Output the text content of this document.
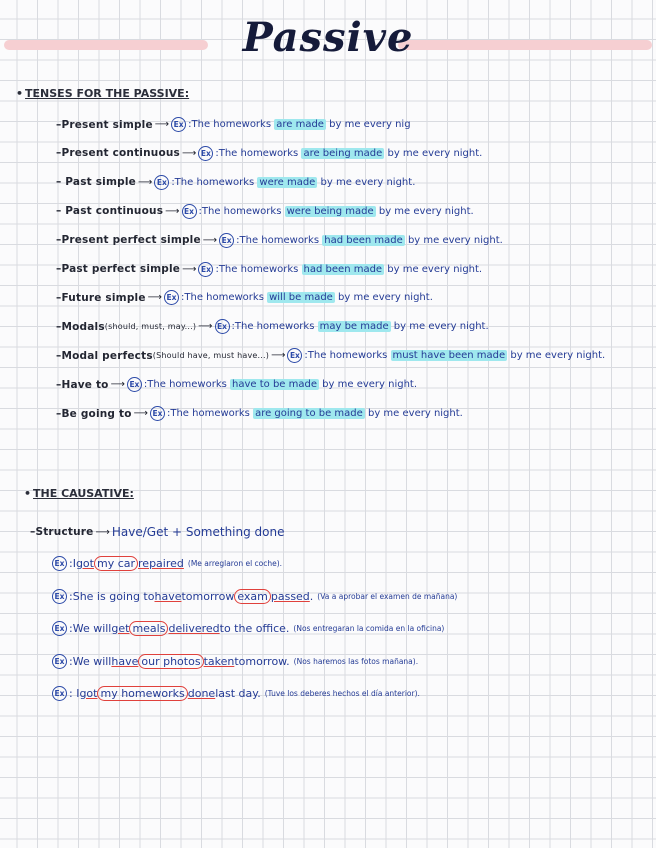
Passive
• TENSES FOR THE PASSIVE:
–Present simple ⟶ Ex :The homeworks are made by me every nig
–Present continuous ⟶ Ex :The homeworks are being made by me every night.
– Past simple ⟶ Ex :The homeworks were made by me every night.
– Past continuous ⟶ Ex :The homeworks were being made by me every night.
–Present perfect simple ⟶ Ex :The homeworks had been made by me every night.
–Past perfect simple ⟶ Ex :The homeworks had been made by me every night.
–Future simple ⟶ Ex :The homeworks will be made by me every night.
–Modals (should, must, may...) ⟶ Ex :The homeworks may be made by me every night.
–Modal perfects (Should have, must have...) ⟶ Ex :The homeworks must have been made by me every night.
–Have to ⟶ Ex :The homeworks have to be made by me every night.
–Be going to ⟶ Ex :The homeworks are going to be made by me every night.
• THE CAUSATIVE:
–Structure ⟶ Have/Get + Something done
Ex :I got my car repaired (Me arreglaron el coche).
Ex :She is going to have tomorrow exam passed . (Va a aprobar el examen de mañana)
Ex :We will get meals delivered to the office. (Nos entregaran la comida en la oficina)
Ex :We will have our photos taken tomorrow. (Nos haremos las fotos mañana).
Ex : I got my homeworks done last day. (Tuve los deberes hechos el día anterior).
